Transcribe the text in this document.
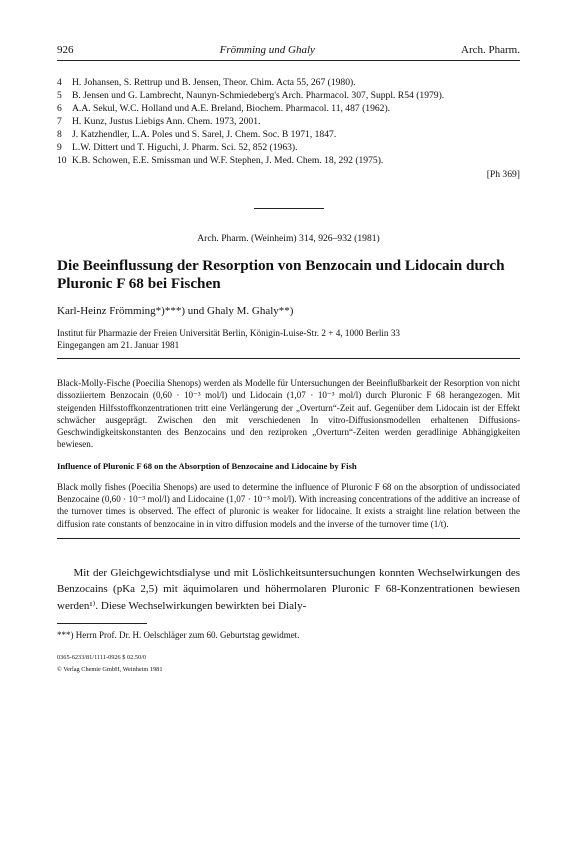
926	Frömming und Ghaly	Arch. Pharm.
4	H. Johansen, S. Rettrup und B. Jensen, Theor. Chim. Acta 55, 267 (1980).
5	B. Jensen und G. Lambrecht, Naunyn-Schmiedeberg's Arch. Pharmacol. 307, Suppl. R54 (1979).
6	A.A. Sekul, W.C. Holland und A.E. Breland, Biochem. Pharmacol. 11, 487 (1962).
7	H. Kunz, Justus Liebigs Ann. Chem. 1973, 2001.
8	J. Katzhendler, L.A. Poles und S. Sarel, J. Chem. Soc. B 1971, 1847.
9	L.W. Dittert und T. Higuchi, J. Pharm. Sci. 52, 852 (1963).
10 K.B. Schowen, E.E. Smissman und W.F. Stephen, J. Med. Chem. 18, 292 (1975).
[Ph 369]
Arch. Pharm. (Weinheim) 314, 926–932 (1981)
Die Beeinflussung der Resorption von Benzocain und Lidocain durch Pluronic F 68 bei Fischen
Karl-Heinz Frömming*)***) und Ghaly M. Ghaly**)
Institut für Pharmazie der Freien Universität Berlin, Königin-Luise-Str. 2 + 4, 1000 Berlin 33
Eingegangen am 21. Januar 1981
Black-Molly-Fische (Poecilia Shenops) werden als Modelle für Untersuchungen der Beeinflußbarkeit der Resorption von nicht dissoziiertem Benzocain (0,60 · 10⁻³ mol/l) und Lidocain (1,07 · 10⁻³ mol/l) durch Pluronic F 68 herangezogen. Mit steigenden Hilfsstoffkonzentrationen tritt eine Verlängerung der „Overturn“-Zeit auf. Gegenüber dem Lidocain ist der Effekt schwächer ausgeprägt. Zwischen den mit verschiedenen In vitro-Diffusionsmodellen erhaltenen Diffusions-Geschwindigkeitskonstanten des Benzocains und den reziproken „Overturn“-Zeiten werden geradlinige Abhängigkeiten bewiesen.
Influence of Pluronic F 68 on the Absorption of Benzocaine and Lidocaine by Fish
Black molly fishes (Poecilia Shenops) are used to determine the influence of Pluronic F 68 on the absorption of undissociated Benzocaine (0,60 · 10⁻³ mol/l) and Lidocaine (1,07 · 10⁻³ mol/l). With increasing concentrations of the additive an increase of the turnover times is observed. The effect of pluronic is weaker for lidocaine. It exists a straight line relation between the diffusion rate constants of benzocaine in in vitro diffusion models and the inverse of the turnover time (1/t).
Mit der Gleichgewichtsdialyse und mit Löslichkeitsuntersuchungen konnten Wechselwirkungen des Benzocains (pKa 2,5) mit äquimolaren und höhermolaren Pluronic F 68-Konzentrationen bewiesen werden¹⁾. Diese Wechselwirkungen bewirkten bei Dialy-
***) Herrn Prof. Dr. H. Oelschläger zum 60. Geburtstag gewidmet.
0365-6233/81/1111-0926 $ 02.50/0
© Verlag Chemie GmbH, Weinheim 1981
